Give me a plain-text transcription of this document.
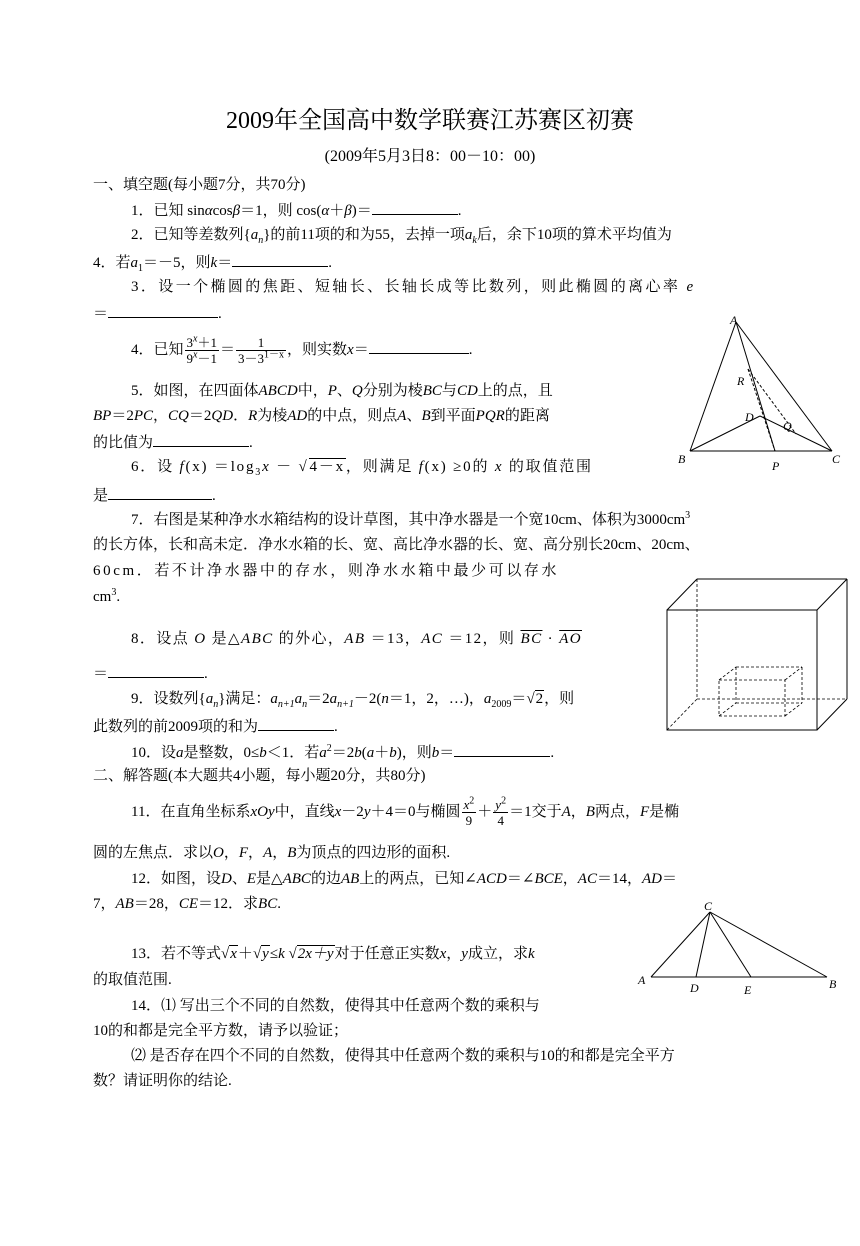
2009年全国高中数学联赛江苏赛区初赛
(2009年5月3日8：00－10：00)
一、填空题(每小题7分，共70分)
1．已知 sinαcosβ＝1，则 cos(α＋β)＝	.
2．已知等差数列$\{a_n\}$的前11项的和为55，去掉一项$a_k$后，余下10项的算术平均值为
4．若$a_1=-5$，则k＝	.
3．设一个椭圆的焦距、短轴长、长轴长成等比数列，则此椭圆的离心率 e
＝	.
4．已知 $\frac{3^x+1}{9^x-1} = \frac{1}{3-3^{1-x}}$ ，则实数x＝	.
5．如图，在四面体ABCD中，P、Q分别为棱BC与CD上的点，且
BP＝2PC，CQ＝2QD．R为棱AD的中点，则点A、B到平面PQR的距离
的比值为	.
6．设 $f(x) =\log_3x - √4-x$，则满足 f(x) ≥0的 x 的取值范围
是	.
7．右图是某种净水水箱结构的设计草图，其中净水器是一个宽10cm、体积为$3000cm^3$
的长方体，长和高未定．净水水箱的长、宽、高比净水器的长、宽、高分别长20cm、20cm、
60cm．若不计净水器中的存水，则净水水箱中最少可以存水
$cm^3$.
8．设点 O 是△ABC 的外心，AB ＝13，AC ＝12，则 $\overline{BC} \cdot \overline{AO}$
＝	.
9．设数列$\{a_n\}$满足：$a_{n+1}a_n=2a_{n+1}-2(n=1$，2，…)，$a_{2009}=√2$，则
此数列的前2009项的和为	.
10．设a是整数，0≤b＜1．若$a^2=2b(a+b)$，则b＝	.
二、解答题(本大题共4小题，每小题20分，共80分)
11．在直角坐标系xOy中，直线x－2y＋4＝0与椭圆 $\frac{x^2}{9} + \frac{y^2}{4} =1$交于A，B两点，F是椭
圆的左焦点．求以O，F，A，B为顶点的四边形的面积.
12．如图，设D、E是△ABC的边AB上的两点，已知∠ACD＝∠BCE，AC＝14，AD＝
7，AB＝28，CE＝12．求BC.
13．若不等式√x＋√y≤k √2x＋y对于任意正实数x，y成立，求k
的取值范围.
14．⑴ 写出三个不同的自然数，使得其中任意两个数的乘积与
10的和都是完全平方数，请予以验证；
⑵ 是否存在四个不同的自然数，使得其中任意两个数的乘积与10的和都是完全平方
数？请证明你的结论.
A
R
D
Q
B	P	C
C
A
D	E	B
